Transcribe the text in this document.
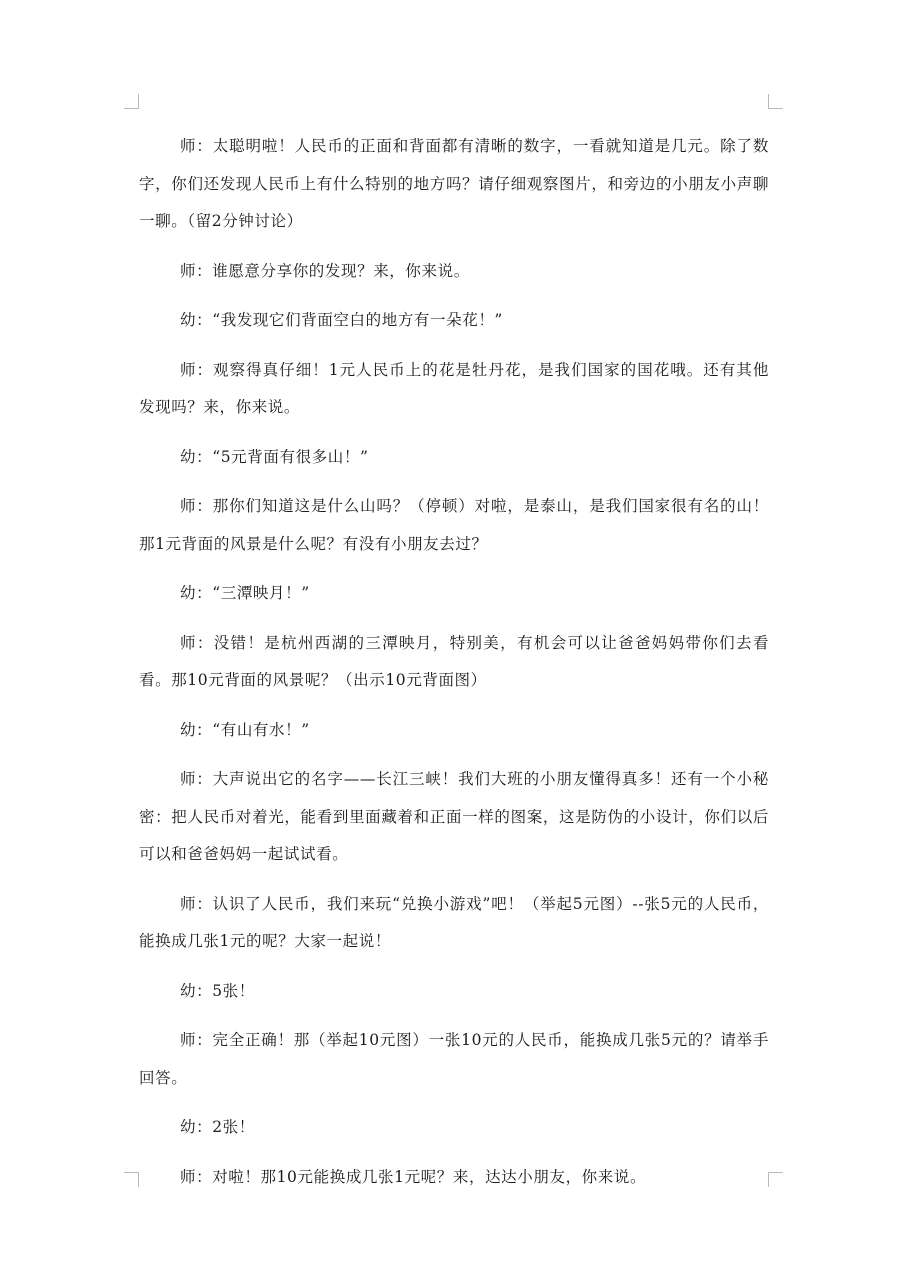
师：太聪明啦！人民币的正面和背面都有清晰的数字，一看就知道是几元。除了数字，你们还发现人民币上有什么特别的地方吗？请仔细观察图片，和旁边的小朋友小声聊一聊。（留2分钟讨论）

师：谁愿意分享你的发现？来，你来说。

幼：“我发现它们背面空白的地方有一朵花！”

师：观察得真仔细！1元人民币上的花是牡丹花，是我们国家的国花哦。还有其他发现吗？来，你来说。

幼：“5元背面有很多山！”

师：那你们知道这是什么山吗？（停顿）对啦，是泰山，是我们国家很有名的山！那1元背面的风景是什么呢？有没有小朋友去过？

幼：“三潭映月！”

师：没错！是杭州西湖的三潭映月，特别美，有机会可以让爸爸妈妈带你们去看看。那10元背面的风景呢？（出示10元背面图）

幼：“有山有水！”

师：大声说出它的名字——长江三峡！我们大班的小朋友懂得真多！还有一个小秘密：把人民币对着光，能看到里面藏着和正面一样的图案，这是防伪的小设计，你们以后可以和爸爸妈妈一起试试看。

师：认识了人民币，我们来玩“兑换小游戏”吧！（举起5元图）--张5元的人民币，能换成几张1元的呢？大家一起说！

幼：5张！

师：完全正确！那（举起10元图）一张10元的人民币，能换成几张5元的？请举手回答。

幼：2张！

师：对啦！那10元能换成几张1元呢？来，达达小朋友，你来说。
